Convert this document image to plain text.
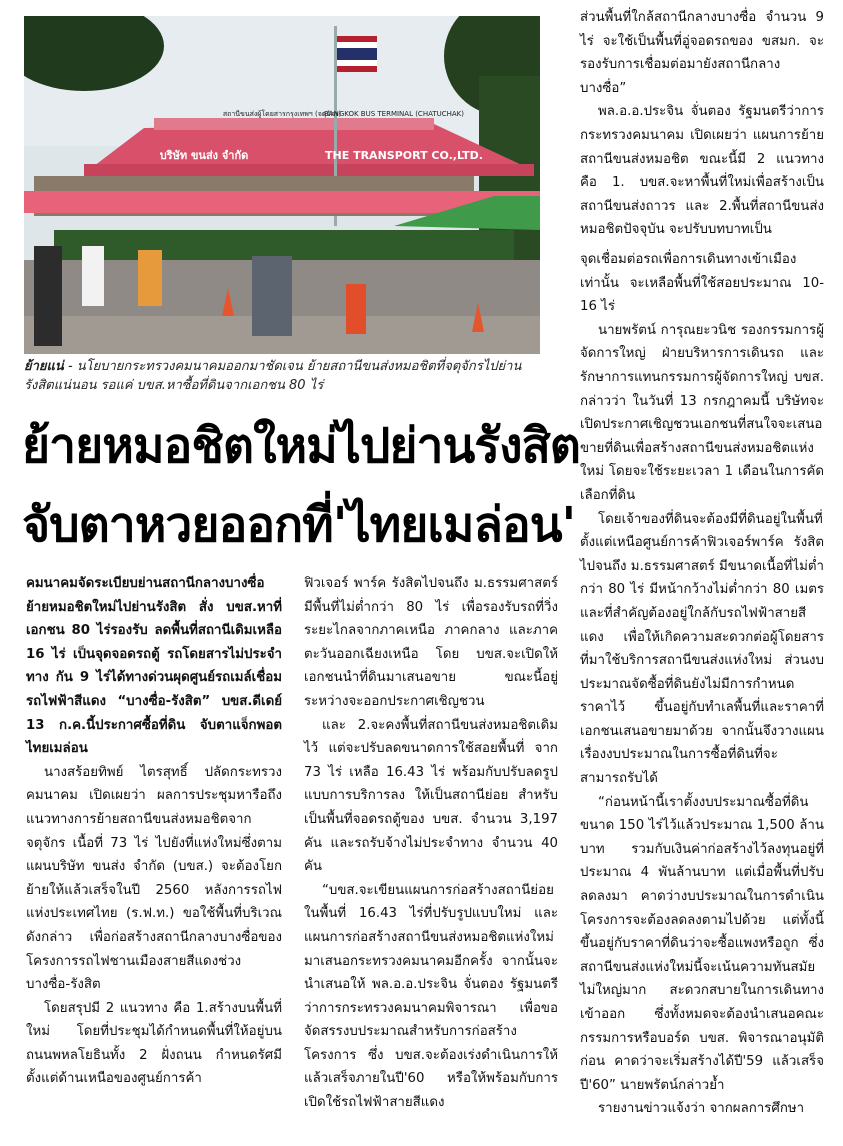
สถานีขนส่งผู้โดยสารกรุงเทพฯ (จตุจักร)
BANGKOK BUS TERMINAL (CHATUCHAK)
บริษัท ขนส่ง จำกัด	THE TRANSPORT CO.,LTD.
ย้ายแน่ - นโยบายกระทรวงคมนาคมออกมาชัดเจน ย้ายสถานีขนส่งหมอชิตที่จตุจักรไปย่านรังสิตแน่นอน รอแค่ บขส.หาซื้อที่ดินจากเอกชน 80 ไร่
ย้ายหมอชิตใหม่ไปย่านรังสิต
จับตาหวยออกที่'ไทยเมล่อน'

คมนาคมจัดระเบียบย่านสถานีกลางบางซื่อ ย้ายหมอชิตใหม่ไปย่านรังสิต สั่ง บขส.หาที่เอกชน 80 ไร่รองรับ ลดพื้นที่สถานีเดิมเหลือ 16 ไร่ เป็นจุดจอดรถตู้ รถโดยสารไม่ประจำทาง กัน 9 ไร่ได้ทางด่วนผุดศูนย์รถเมล์เชื่อมรถไฟฟ้าสีแดง “บางซื่อ-รังสิต” บขส.ดีเดย์ 13 ก.ค.นี้ประกาศซื้อที่ดิน จับตาแจ็กพอตไทยเมล่อน

นางสร้อยทิพย์ ไตรสุทธิ์ ปลัดกระทรวงคมนาคม เปิดเผยว่า ผลการประชุมหารือถึงแนวทางการย้ายสถานีขนส่งหมอชิตจากจตุจักร เนื้อที่ 73 ไร่ ไปยังที่แห่งใหม่ซึ่งตามแผนบริษัท ขนส่ง จำกัด (บขส.) จะต้องโยกย้ายให้แล้วเสร็จในปี 2560 หลังการรถไฟแห่งประเทศไทย (ร.ฟ.ท.) ขอใช้พื้นที่บริเวณดังกล่าว เพื่อก่อสร้างสถานีกลางบางซื่อของโครงการรถไฟชานเมืองสายสีแดงช่วงบางซื่อ-รังสิต

โดยสรุปมี 2 แนวทาง คือ 1.สร้างบนพื้นที่ใหม่ โดยที่ประชุมได้กำหนดพื้นที่ให้อยู่บนถนนพหลโยธินทั้ง 2 ฝั่งถนน กำหนดรัศมีตั้งแต่ด้านเหนือของศูนย์การค้า

ฟิวเจอร์ พาร์ค รังสิตไปจนถึง ม.ธรรมศาสตร์ มีพื้นที่ไม่ต่ำกว่า 80 ไร่ เพื่อรองรับรถที่วิ่งระยะไกลจากภาคเหนือ ภาคกลาง และภาคตะวันออกเฉียงเหนือ โดย บขส.จะเปิดให้เอกชนนำที่ดินมาเสนอขาย ขณะนี้อยู่ระหว่างจะออกประกาศเชิญชวน

และ 2.จะคงพื้นที่สถานีขนส่งหมอชิตเดิมไว้ แต่จะปรับลดขนาดการใช้สอยพื้นที่ จาก 73 ไร่ เหลือ 16.43 ไร่ พร้อมกับปรับลดรูปแบบการบริการลง ให้เป็นสถานีย่อย สำหรับเป็นพื้นที่จอดรถตู้ของ บขส. จำนวน 3,197 คัน และรถรับจ้างไม่ประจำทาง จำนวน 40 คัน

“บขส.จะเขียนแผนการก่อสร้างสถานีย่อยในพื้นที่ 16.43 ไร่ที่ปรับรูปแบบใหม่ และแผนการก่อสร้างสถานีขนส่งหมอชิตแห่งใหม่ มาเสนอกระทรวงคมนาคมอีกครั้ง จากนั้นจะนำเสนอให้ พล.อ.อ.ประจิน จั่นตอง รัฐมนตรีว่าการกระทรวงคมนาคมพิจารณา เพื่อขอจัดสรรงบประมาณสำหรับการก่อสร้างโครงการ ซึ่ง บขส.จะต้องเร่งดำเนินการให้แล้วเสร็จภายในปี'60 หรือให้พร้อมกับการเปิดใช้รถไฟฟ้าสายสีแดง

ส่วนพื้นที่ใกล้สถานีกลางบางซื่อ จำนวน 9 ไร่ จะใช้เป็นพื้นที่อู่จอดรถของ ขสมก. จะรองรับการเชื่อมต่อมายังสถานีกลางบางซื่อ”

พล.อ.อ.ประจิน จั่นตอง รัฐมนตรีว่าการกระทรวงคมนาคม เปิดเผยว่า แผนการย้ายสถานีขนส่งหมอชิต ขณะนี้มี 2 แนวทาง คือ 1. บขส.จะหาพื้นที่ใหม่เพื่อสร้างเป็นสถานีขนส่งถาวร และ 2.พื้นที่สถานีขนส่งหมอชิตปัจจุบัน จะปรับบทบาทเป็น

จุดเชื่อมต่อรถเพื่อการเดินทางเข้าเมืองเท่านั้น จะเหลือพื้นที่ใช้สอยประมาณ 10-16 ไร่

นายพรัตน์ การุณยะวนิช รองกรรมการผู้จัดการใหญ่ ฝ่ายบริหารการเดินรถ และรักษาการแทนกรรมการผู้จัดการใหญ่ บขส. กล่าวว่า ในวันที่ 13 กรกฎาคมนี้ บริษัทจะเปิดประกาศเชิญชวนเอกชนที่สนใจจะเสนอขายที่ดินเพื่อสร้างสถานีขนส่งหมอชิตแห่งใหม่ โดยจะใช้ระยะเวลา 1 เดือนในการคัดเลือกที่ดิน

โดยเจ้าของที่ดินจะต้องมีที่ดินอยู่ในพื้นที่ตั้งแต่เหนือศูนย์การค้าฟิวเจอร์พาร์ค รังสิตไปจนถึง ม.ธรรมศาสตร์ มีขนาดเนื้อที่ไม่ต่ำกว่า 80 ไร่ มีหน้ากว้างไม่ต่ำกว่า 80 เมตร และที่สำคัญต้องอยู่ใกล้กับรถไฟฟ้าสายสีแดง เพื่อให้เกิดความสะดวกต่อผู้โดยสารที่มาใช้บริการสถานีขนส่งแห่งใหม่ ส่วนงบประมาณจัดซื้อที่ดินยังไม่มีการกำหนดราคาไว้ ขึ้นอยู่กับทำเลพื้นที่และราคาที่เอกชนเสนอขายมาด้วย จากนั้นจึงวางแผนเรื่องงบประมาณในการซื้อที่ดินที่จะสามารถรับได้

“ก่อนหน้านี้เราตั้งงบประมาณซื้อที่ดินขนาด 150 ไร่ไว้แล้วประมาณ 1,500 ล้านบาท รวมกับเงินค่าก่อสร้างไว้ลงทุนอยู่ที่ประมาณ 4 พันล้านบาท แต่เมื่อพื้นที่ปรับลดลงมา คาดว่างบประมาณในการดำเนินโครงการจะต้องลดลงตามไปด้วย แต่ทั้งนี้ขึ้นอยู่กับราคาที่ดินว่าจะซื้อแพงหรือถูก ซึ่งสถานีขนส่งแห่งใหม่นี้จะเน้นความทันสมัย ไม่ใหญ่มาก สะดวกสบายในการเดินทางเข้าออก ซึ่งทั้งหมดจะต้องนำเสนอคณะกรรมการหรือบอร์ด บขส. พิจารณาอนุมัติก่อน คาดว่าจะเริ่มสร้างได้ปี'59 แล้วเสร็จปี'60” นายพรัตน์กล่าวย้ำ

รายงานข่าวแจ้งว่า จากผลการศึกษา
